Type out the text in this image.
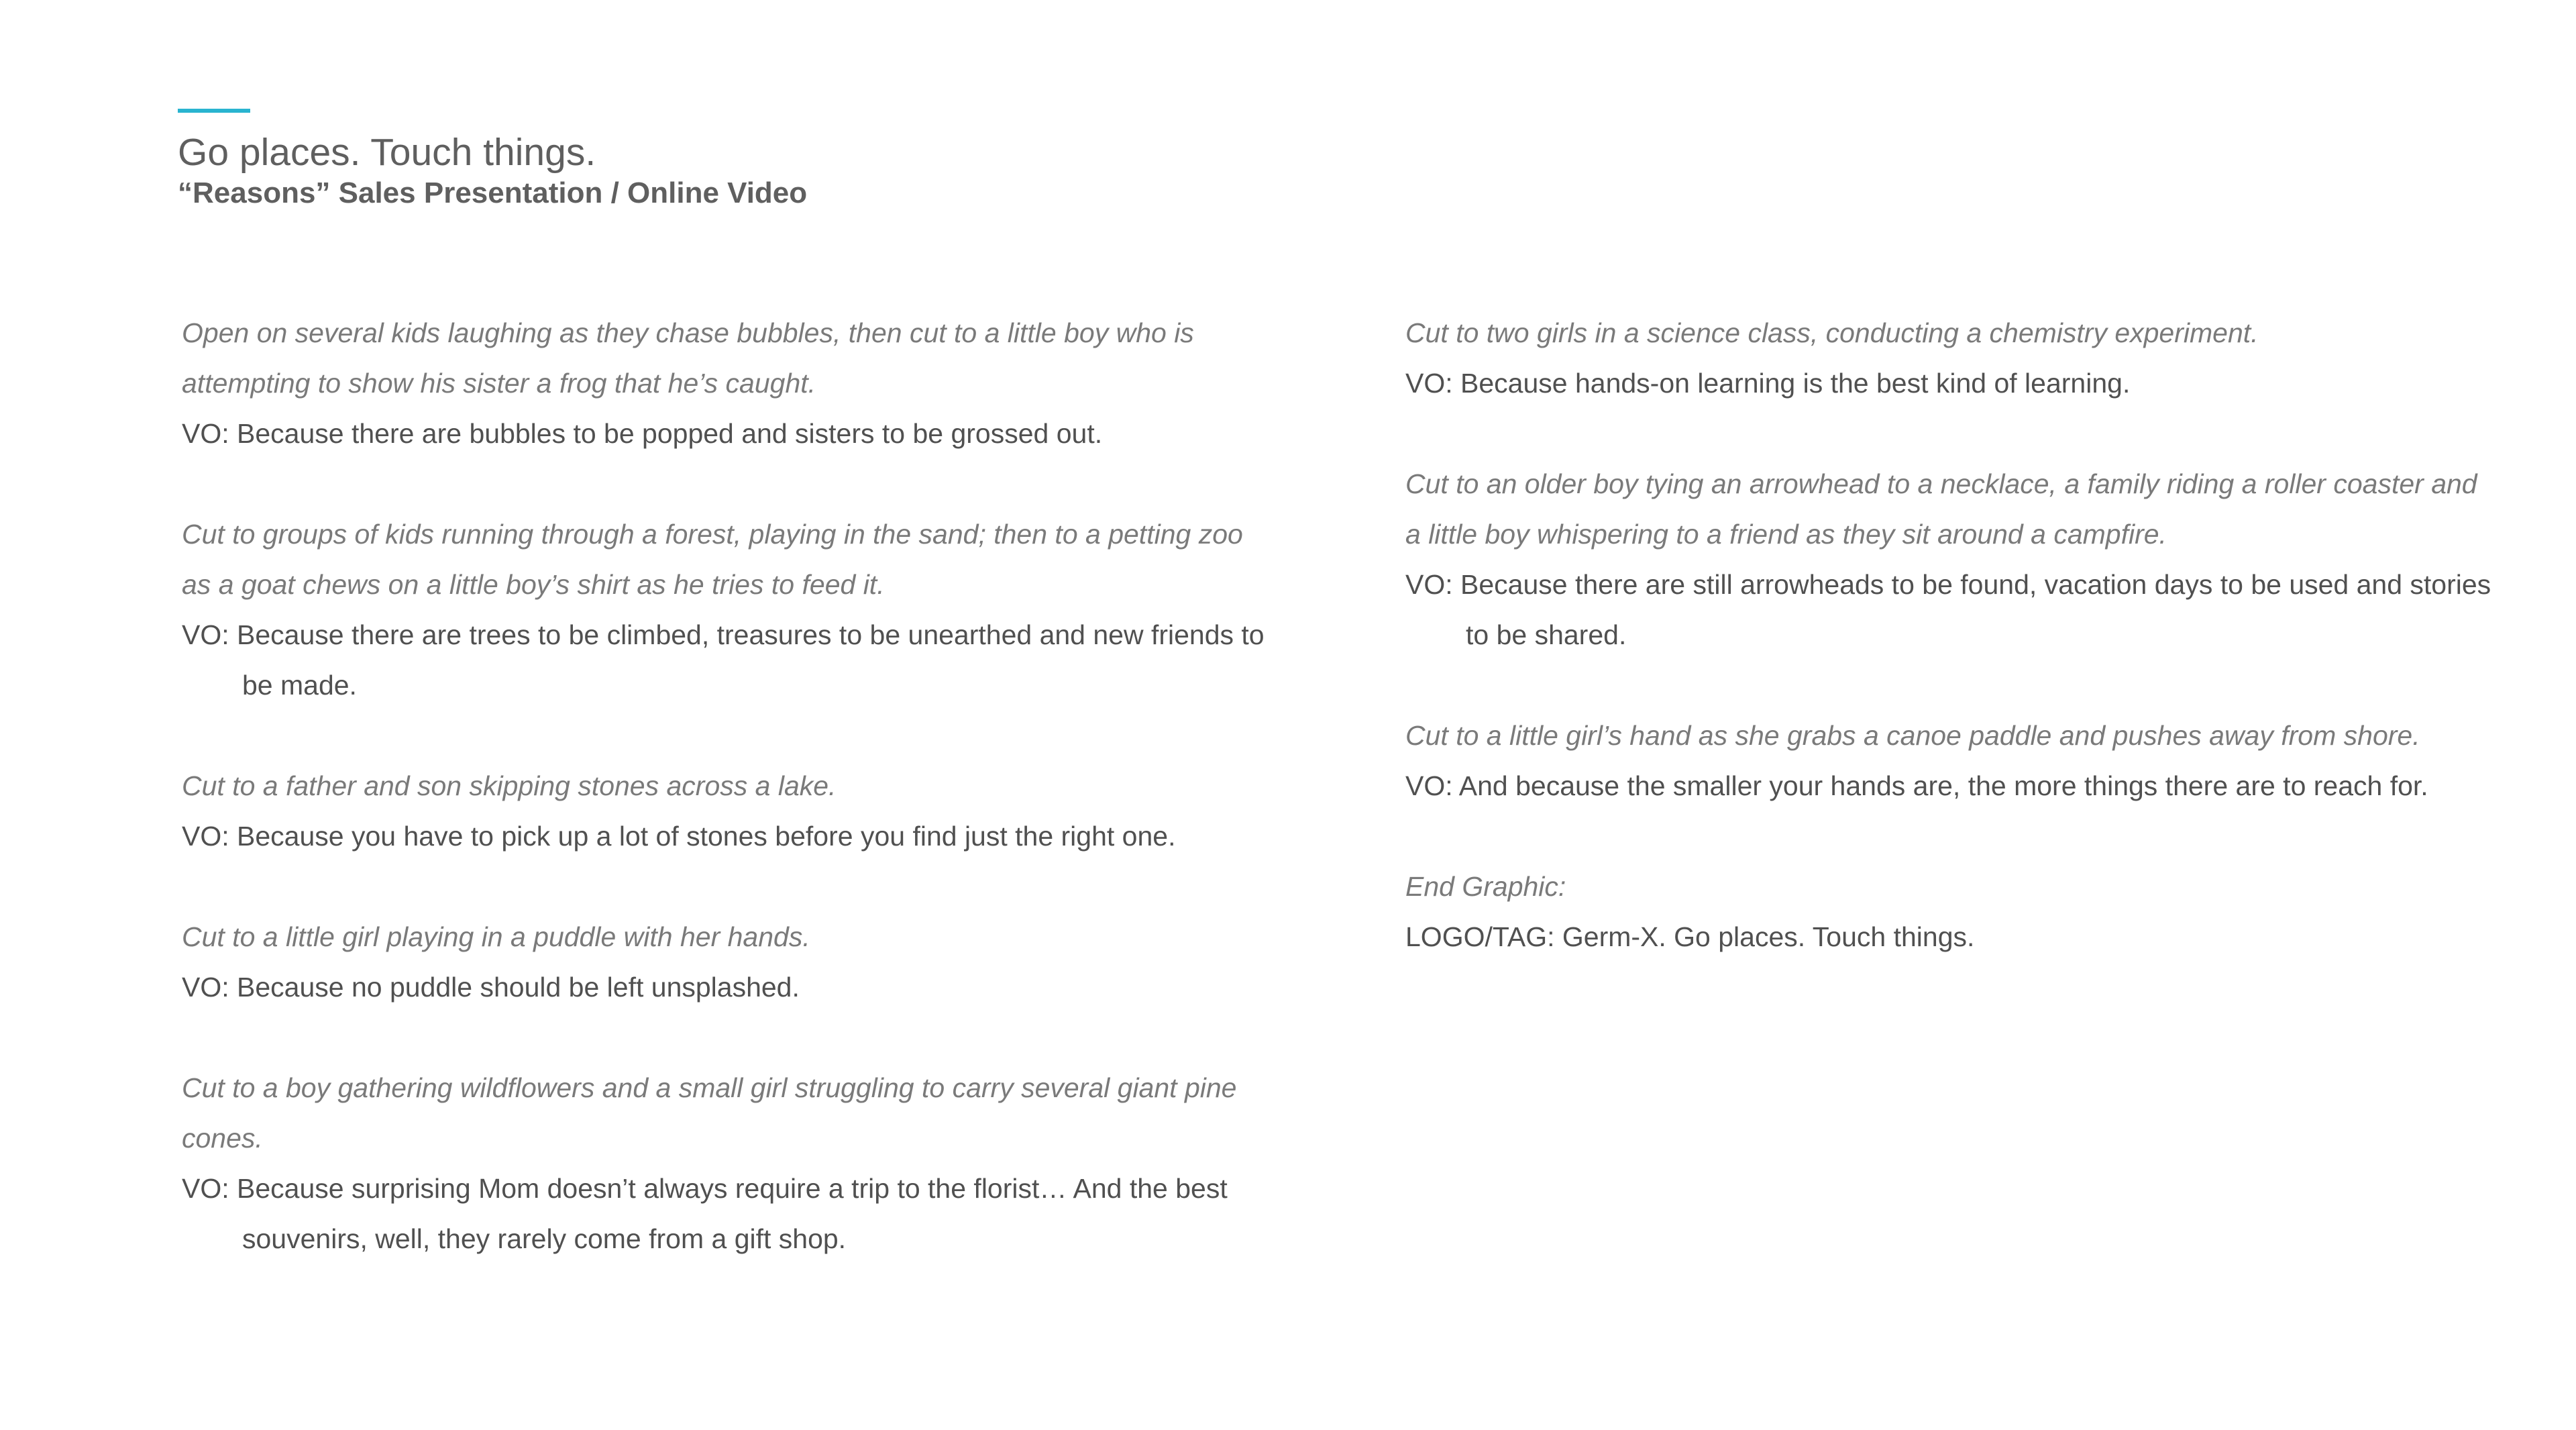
Go places. Touch things.
“Reasons” Sales Presentation / Online Video

Open on several kids laughing as they chase bubbles, then cut to a little boy who is attempting to show his sister a frog that he’s caught.

VO: Because there are bubbles to be popped and sisters to be grossed out.

Cut to groups of kids running through a forest, playing in the sand; then to a petting zoo as a goat chews on a little boy’s shirt as he tries to feed it.

VO: Because there are trees to be climbed, treasures to be unearthed and new friends to be made.

Cut to a father and son skipping stones across a lake.

VO: Because you have to pick up a lot of stones before you find just the right one.

Cut to a little girl playing in a puddle with her hands.

VO: Because no puddle should be left unsplashed.

Cut to a boy gathering wildflowers and a small girl struggling to carry several giant pine cones.

VO: Because surprising Mom doesn’t always require a trip to the florist… And the best souvenirs, well, they rarely come from a gift shop.

Cut to two girls in a science class, conducting a chemistry experiment.

VO: Because hands-on learning is the best kind of learning.

Cut to an older boy tying an arrowhead to a necklace, a family riding a roller coaster and a little boy whispering to a friend as they sit around a campfire.

VO: Because there are still arrowheads to be found, vacation days to be used and stories to be shared.

Cut to a little girl’s hand as she grabs a canoe paddle and pushes away from shore.

VO: And because the smaller your hands are, the more things there are to reach for.

End Graphic:

LOGO/TAG: Germ-X. Go places. Touch things.
